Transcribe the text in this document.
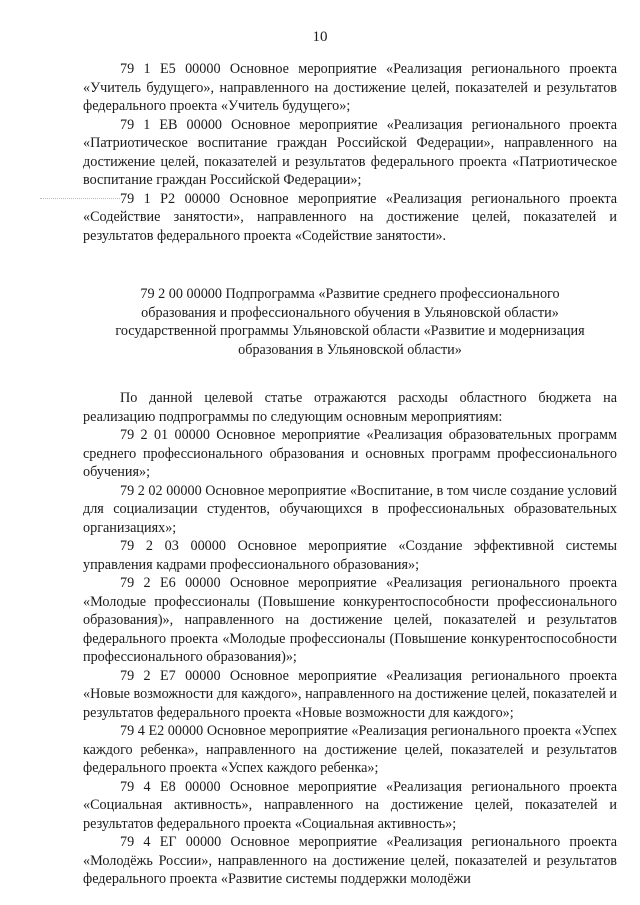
10

79 1 E5 00000 Основное мероприятие «Реализация регионального проекта «Учитель будущего», направленного на достижение целей, показателей и результатов федерального проекта «Учитель будущего»;

79 1 EB 00000 Основное мероприятие «Реализация регионального проекта «Патриотическое воспитание граждан Российской Федерации», направленного на достижение целей, показателей и результатов федерального проекта «Патриотическое воспитание граждан Российской Федерации»;

79 1 P2 00000 Основное мероприятие «Реализация регионального проекта «Содействие занятости», направленного на достижение целей, показателей и результатов федерального проекта «Содействие занятости».

79 2 00 00000 Подпрограмма «Развитие среднего профессионального образования и профессионального обучения в Ульяновской области» государственной программы Ульяновской области «Развитие и модернизация образования в Ульяновской области»

По данной целевой статье отражаются расходы областного бюджета на реализацию подпрограммы по следующим основным мероприятиям:

79 2 01 00000 Основное мероприятие «Реализация образовательных программ среднего профессионального образования и основных программ профессионального обучения»;

79 2 02 00000 Основное мероприятие «Воспитание, в том числе создание условий для социализации студентов, обучающихся в профессиональных образовательных организациях»;

79 2 03 00000 Основное мероприятие «Создание эффективной системы управления кадрами профессионального образования»;

79 2 E6 00000 Основное мероприятие «Реализация регионального проекта «Молодые профессионалы (Повышение конкурентоспособности профессионального образования)», направленного на достижение целей, показателей и результатов федерального проекта «Молодые профессионалы (Повышение конкурентоспособности профессионального образования)»;

79 2 E7 00000 Основное мероприятие «Реализация регионального проекта «Новые возможности для каждого», направленного на достижение целей, показателей и результатов федерального проекта «Новые возможности для каждого»;

79 4 E2 00000 Основное мероприятие «Реализация регионального проекта «Успех каждого ребенка», направленного на достижение целей, показателей и результатов федерального проекта «Успех каждого ребенка»;

79 4 E8 00000 Основное мероприятие «Реализация регионального проекта «Социальная активность», направленного на достижение целей, показателей и результатов федерального проекта «Социальная активность»;

79 4 EГ 00000 Основное мероприятие «Реализация регионального проекта «Молодёжь России», направленного на достижение целей, показателей и результатов федерального проекта «Развитие системы поддержки молодёжи
